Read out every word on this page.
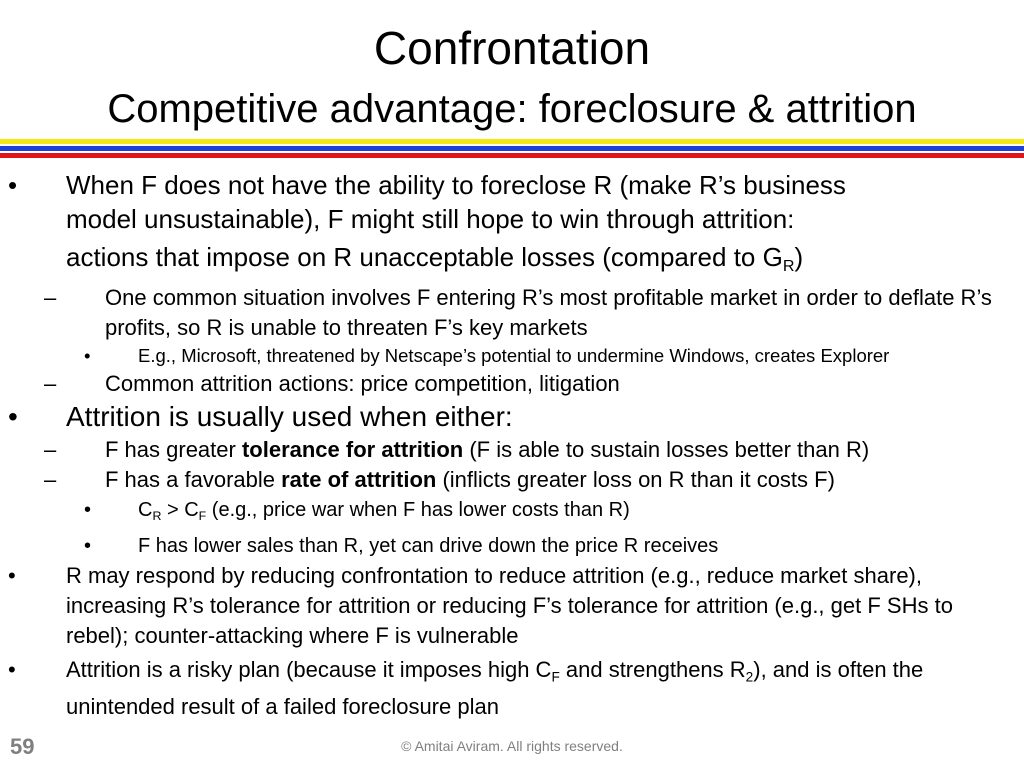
Confrontation
Competitive advantage: foreclosure & attrition
• When F does not have the ability to foreclose R (make R’s business
model unsustainable), F might still hope to win through attrition:
actions that impose on R unacceptable losses (compared to $G_R$)
– One common situation involves F entering R’s most profitable market in order to deflate R’s profits, so R is unable to threaten F’s key markets
•	E.g., Microsoft, threatened by Netscape’s potential to undermine Windows, creates Explorer
– Common attrition actions: price competition, litigation
• Attrition is usually used when either:
– F has greater tolerance for attrition (F is able to sustain losses better than R)
– F has a favorable rate of attrition (inflicts greater loss on R than it costs F)
• $C_R > C_F$ (e.g., price war when F has lower costs than R)
• F has lower sales than R, yet can drive down the price R receives
• R may respond by reducing confrontation to reduce attrition (e.g., reduce market share), increasing R’s tolerance for attrition or reducing F’s tolerance for attrition (e.g., get F SHs to rebel); counter-attacking where F is vulnerable
• Attrition is a risky plan (because it imposes high $C_F$ and strengthens $R_2$), and is often the unintended result of a failed foreclosure plan
59	© Amitai Aviram. All rights reserved.
